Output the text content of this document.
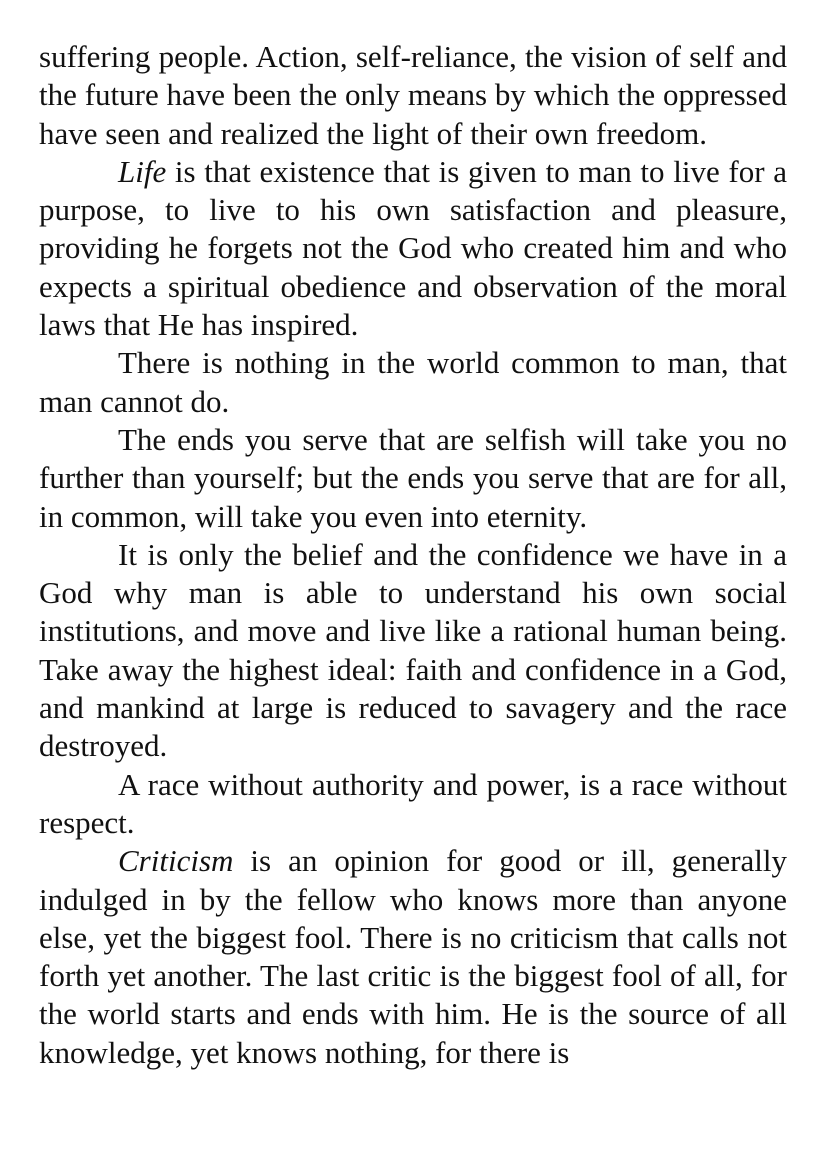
suffering people. Action, self-reliance, the vision of self and the future have been the only means by which the oppressed have seen and realized the light of their own freedom.

Life is that existence that is given to man to live for a purpose, to live to his own satisfaction and pleasure, providing he forgets not the God who created him and who expects a spiritual obedience and observation of the moral laws that He has inspired.

There is nothing in the world common to man, that man cannot do.

The ends you serve that are selfish will take you no further than yourself; but the ends you serve that are for all, in common, will take you even into eternity.

It is only the belief and the confidence we have in a God why man is able to understand his own social institutions, and move and live like a rational human being. Take away the highest ideal: faith and confidence in a God, and mankind at large is reduced to savagery and the race destroyed.

A race without authority and power, is a race without respect.

Criticism is an opinion for good or ill, generally indulged in by the fellow who knows more than anyone else, yet the biggest fool. There is no criticism that calls not forth yet another. The last critic is the biggest fool of all, for the world starts and ends with him. He is the source of all knowledge, yet knows nothing, for there is
